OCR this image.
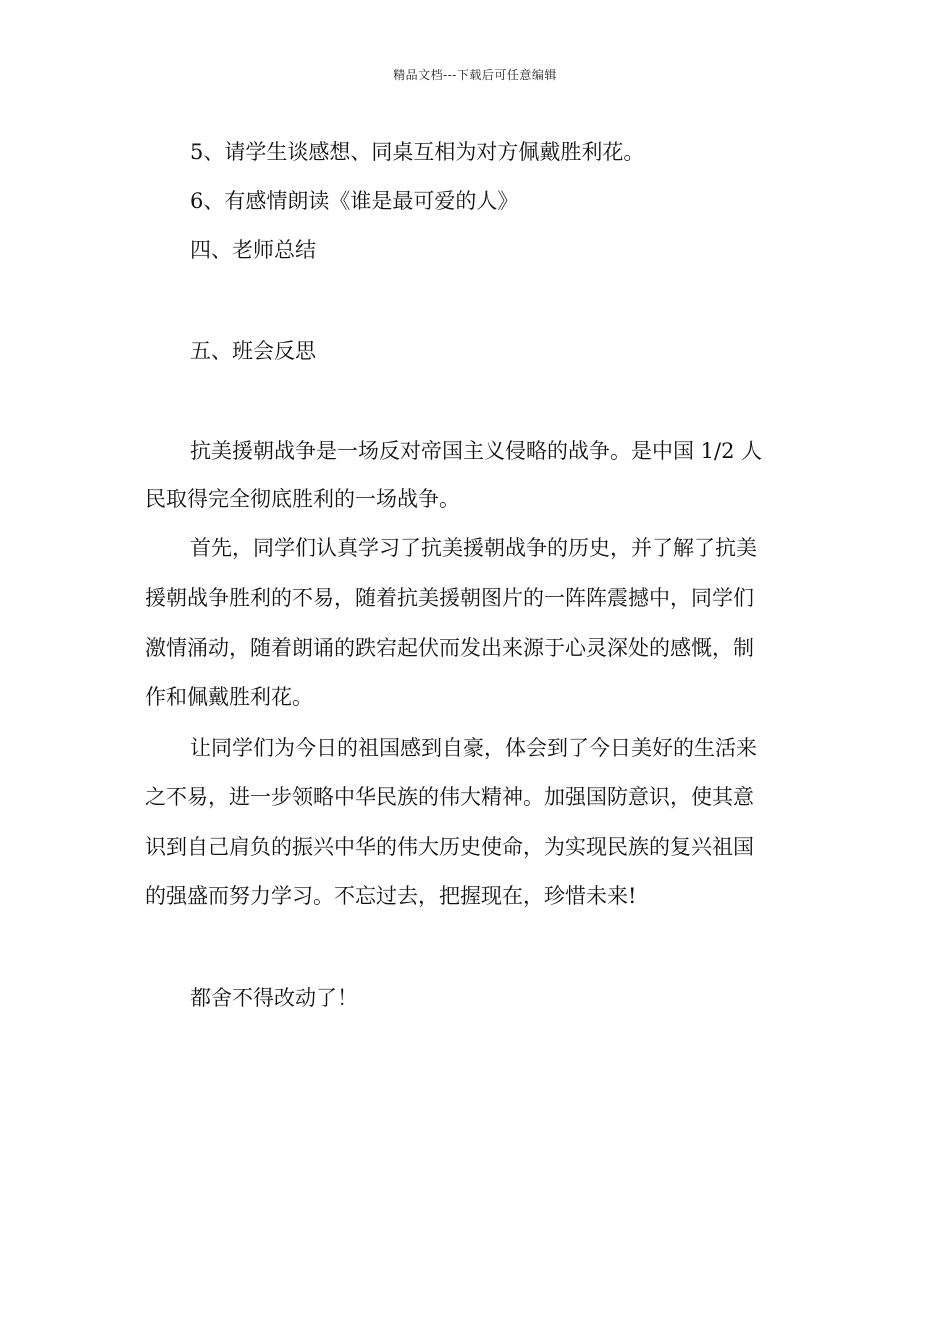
精品文档---下载后可任意编辑
5、请学生谈感想、同桌互相为对方佩戴胜利花。
6、有感情朗读《谁是最可爱的人》
四、老师总结
五、班会反思
抗美援朝战争是一场反对帝国主义侵略的战争。是中国 1/2 人
民取得完全彻底胜利的一场战争。
首先，同学们认真学习了抗美援朝战争的历史，并了解了抗美
援朝战争胜利的不易，随着抗美援朝图片的一阵阵震撼中，同学们
激情涌动，随着朗诵的跌宕起伏而发出来源于心灵深处的感慨，制
作和佩戴胜利花。
让同学们为今日的祖国感到自豪，体会到了今日美好的生活来
之不易，进一步领略中华民族的伟大精神。加强国防意识，使其意
识到自己肩负的振兴中华的伟大历史使命，为实现民族的复兴祖国
的强盛而努力学习。不忘过去，把握现在，珍惜未来!
都舍不得改动了！
